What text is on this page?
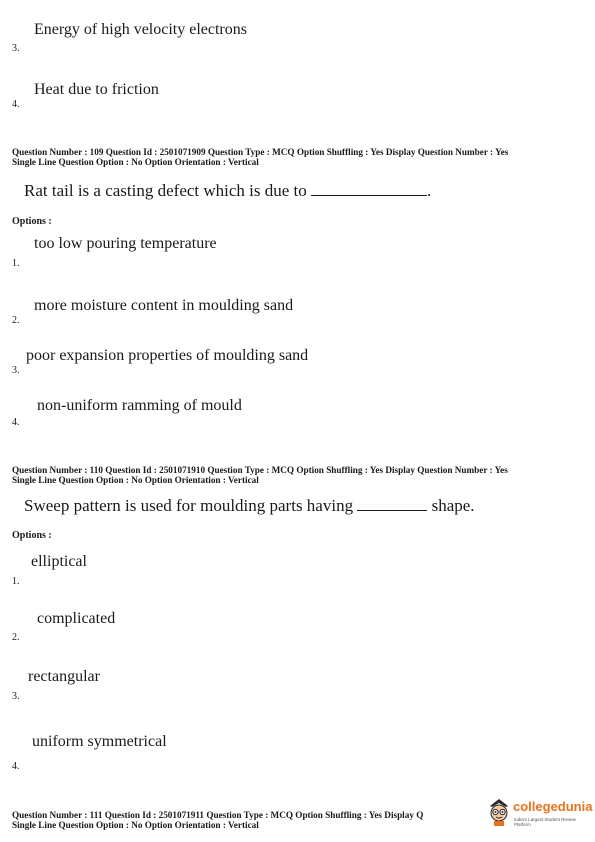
Energy of high velocity electrons
3.
Heat due to friction
4.
Question Number : 109 Question Id : 2501071909 Question Type : MCQ Option Shuffling : Yes Display Question Number : Yes
Single Line Question Option : No Option Orientation : Vertical
Rat tail is a casting defect which is due to	.
Options :
too low pouring temperature
1.
more moisture content in moulding sand
2.
poor expansion properties of moulding sand
3.
non-uniform ramming of mould
4.
Question Number : 110 Question Id : 2501071910 Question Type : MCQ Option Shuffling : Yes Display Question Number : Yes
Single Line Question Option : No Option Orientation : Vertical
Sweep pattern is used for moulding parts having	shape.
Options :
elliptical
1.
complicated
2.
rectangular
3.
uniform symmetrical
4.
Question Number : 111 Question Id : 2501071911 Question Type : MCQ Option Shuffling : Yes Display Q
Single Line Question Option : No Option Orientation : Vertical
collegedunia
India's Largest Student Review Platform
